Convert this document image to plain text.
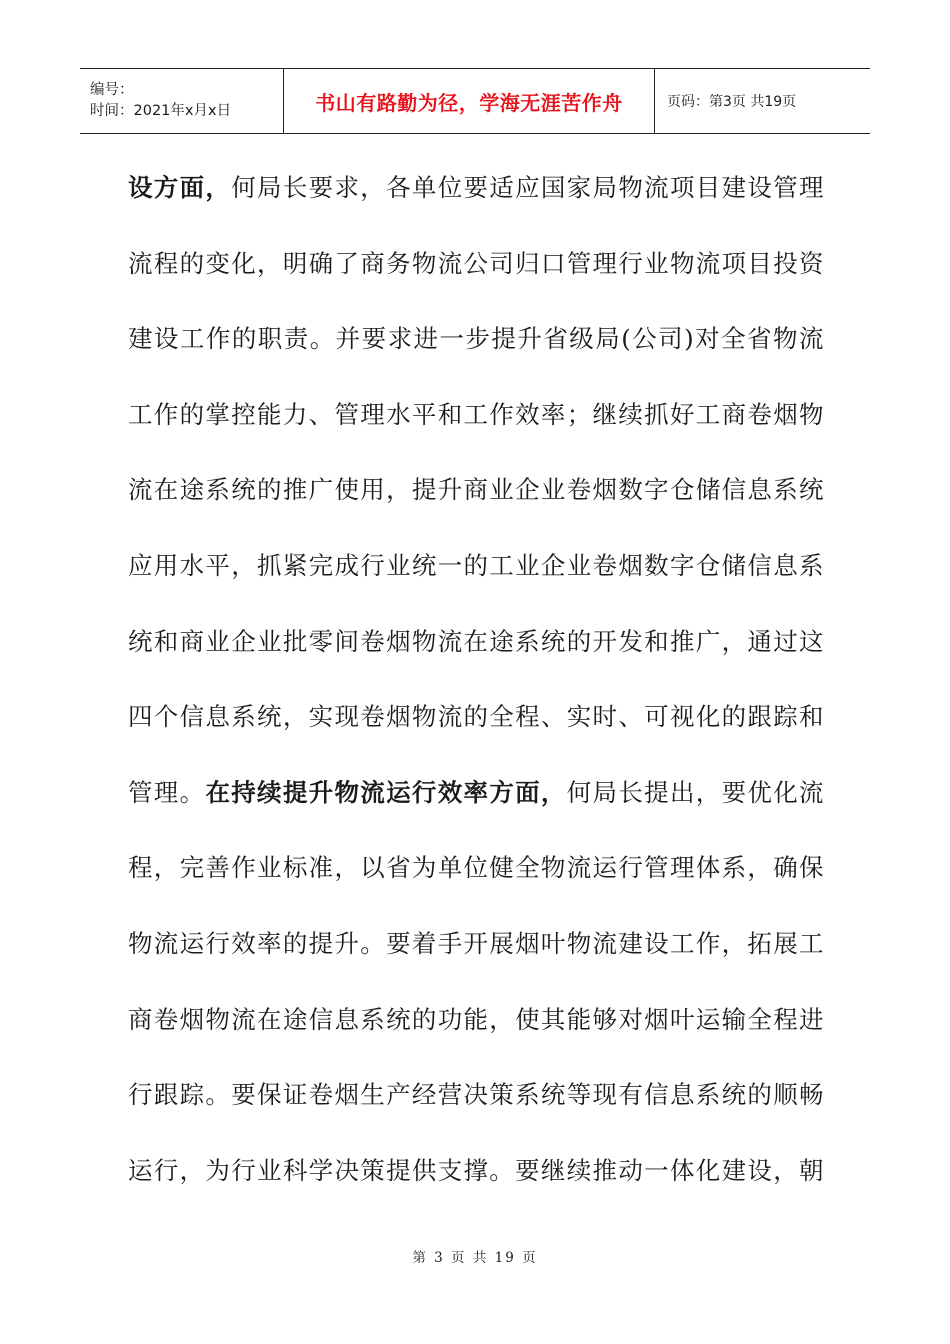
编号：
时间：2021年x月x日	书山有路勤为径，学海无涯苦作舟	页码：第3页 共19页
设方面，何局长要求，各单位要适应国家局物流项目建设管理
流程的变化，明确了商务物流公司归口管理行业物流项目投资
建设工作的职责。并要求进一步提升省级局(公司)对全省物流
工作的掌控能力、管理水平和工作效率；继续抓好工商卷烟物
流在途系统的推广使用，提升商业企业卷烟数字仓储信息系统
应用水平，抓紧完成行业统一的工业企业卷烟数字仓储信息系
统和商业企业批零间卷烟物流在途系统的开发和推广，通过这
四个信息系统，实现卷烟物流的全程、实时、可视化的跟踪和
管理。在持续提升物流运行效率方面，何局长提出，要优化流
程，完善作业标准，以省为单位健全物流运行管理体系，确保
物流运行效率的提升。要着手开展烟叶物流建设工作，拓展工
商卷烟物流在途信息系统的功能，使其能够对烟叶运输全程进
行跟踪。要保证卷烟生产经营决策系统等现有信息系统的顺畅
运行，为行业科学决策提供支撑。要继续推动一体化建设，朝
第 3 页 共 19 页
